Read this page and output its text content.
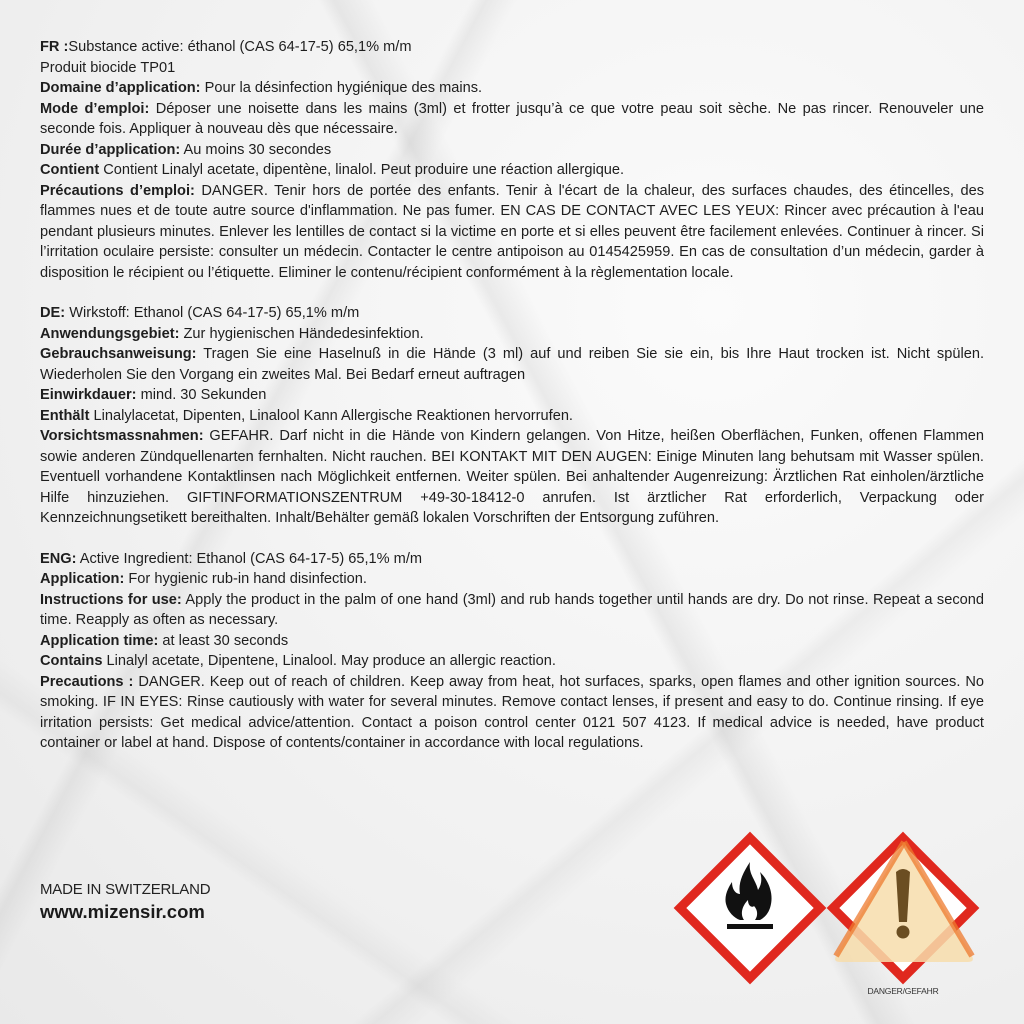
FR :Substance active: éthanol (CAS 64-17-5) 65,1% m/m
Produit biocide TP01
Domaine d’application: Pour la désinfection hygiénique des mains.
Mode d’emploi: Déposer une noisette dans les mains (3ml) et frotter jusqu’à ce que votre peau soit sèche. Ne pas rincer. Renouveler une seconde fois. Appliquer à nouveau dès que nécessaire.
Durée d’application: Au moins 30 secondes
Contient Contient Linalyl acetate, dipentène, linalol. Peut produire une réaction allergique.
Précautions d’emploi: DANGER. Tenir hors de portée des enfants. Tenir à l'écart de la chaleur, des surfaces chaudes, des étincelles, des flammes nues et de toute autre source d'inflammation. Ne pas fumer. EN CAS DE CONTACT AVEC LES YEUX: Rincer avec précaution à l'eau pendant plusieurs minutes. Enlever les lentilles de contact si la victime en porte et si elles peuvent être facilement enlevées. Continuer à rincer. Si l’irritation oculaire persiste: consulter un médecin. Contacter le centre antipoison au 0145425959. En cas de consultation d’un médecin, garder à disposition le récipient ou l’étiquette. Eliminer le contenu/récipient conformément à la règlementation locale.
DE: Wirkstoff: Ethanol (CAS 64-17-5) 65,1% m/m
Anwendungsgebiet: Zur hygienischen Händedesinfektion.
Gebrauchsanweisung: Tragen Sie eine Haselnuß in die Hände (3 ml) auf und reiben Sie sie ein, bis Ihre Haut trocken ist. Nicht spülen. Wiederholen Sie den Vorgang ein zweites Mal. Bei Bedarf erneut auftragen
Einwirkdauer: mind. 30 Sekunden
Enthält Linalylacetat, Dipenten, Linalool Kann Allergische Reaktionen hervorrufen.
Vorsichtsmassnahmen: GEFAHR. Darf nicht in die Hände von Kindern gelangen. Von Hitze, heißen Oberflächen, Funken, offenen Flammen sowie anderen Zündquellenarten fernhalten. Nicht rauchen. BEI KONTAKT MIT DEN AUGEN: Einige Minuten lang behutsam mit Wasser spülen. Eventuell vorhandene Kontaktlinsen nach Möglichkeit entfernen. Weiter spülen. Bei anhaltender Augenreizung: Ärztlichen Rat einholen/ärztliche Hilfe hinzuziehen. GIFTINFORMATIONSZENTRUM +49-30-18412-0 anrufen. Ist ärztlicher Rat erforderlich, Verpackung oder Kennzeichnungsetikett bereithalten. Inhalt/Behälter gemäß lokalen Vorschriften der Entsorgung zuführen.
ENG: Active Ingredient: Ethanol (CAS 64-17-5) 65,1% m/m
Application: For hygienic rub-in hand disinfection.
Instructions for use: Apply the product in the palm of one hand (3ml) and rub hands together until hands are dry. Do not rinse. Repeat a second time. Reapply as often as necessary.
Application time: at least 30 seconds
Contains Linalyl acetate, Dipentene, Linalool. May produce an allergic reaction.
Precautions : DANGER. Keep out of reach of children. Keep away from heat, hot surfaces, sparks, open flames and other ignition sources. No smoking. IF IN EYES: Rinse cautiously with water for several minutes. Remove contact lenses, if present and easy to do. Continue rinsing. If eye irritation persists: Get medical advice/attention. Contact a poison control center 0121 507 4123. If medical advice is needed, have product container or label at hand. Dispose of contents/container in accordance with local regulations.
MADE IN SWITZERLAND
www.mizensir.com
DANGER/GEFAHR
